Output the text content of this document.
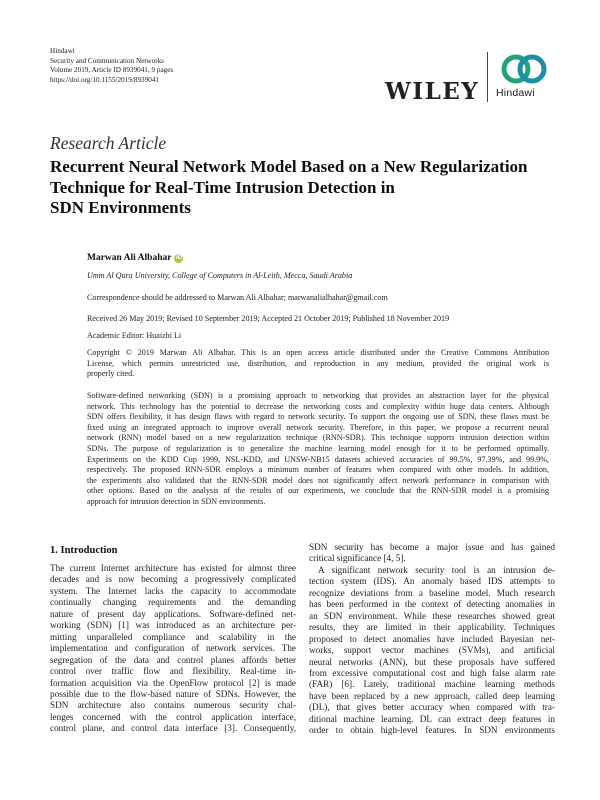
Hindawi
Security and Communication Networks
Volume 2019, Article ID 8939041, 9 pages
https://doi.org/10.1155/2019/8939041	WILEY Hindawi
Research Article
Recurrent Neural Network Model Based on a New Regularization
Technique for Real-Time Intrusion Detection in
SDN Environments
Marwan Ali Albahar iD
Umm Al Qura University, College of Computers in Al-Leith, Mecca, Saudi Arabia
Correspondence should be addressed to Marwan Ali Albahar; marwanalialbahar@gmail.com
Received 26 May 2019; Revised 10 September 2019; Accepted 21 October 2019; Published 18 November 2019
Academic Editor: Huaizhi Li
Copyright © 2019 Marwan Ali Albahar. This is an open access article distributed under the Creative Commons Attribution
License, which permits unrestricted use, distribution, and reproduction in any medium, provided the original work is
properly cited.
Software-defined networking (SDN) is a promising approach to networking that provides an abstraction layer for the physical
network. This technology has the potential to decrease the networking costs and complexity within huge data centers. Although
SDN offers flexibility, it has design flaws with regard to network security. To support the ongoing use of SDN, these flaws must be
fixed using an integrated approach to improve overall network security. Therefore, in this paper, we propose a recurrent neural
network (RNN) model based on a new regularization technique (RNN-SDR). This technique supports intrusion detection within
SDNs. The purpose of regularization is to generalize the machine learning model enough for it to be performed optimally.
Experiments on the KDD Cup 1999, NSL-KDD, and UNSW-NB15 datasets achieved accuracies of 99.5%, 97.39%, and 99.9%,
respectively. The proposed RNN-SDR employs a minimum number of features when compared with other models. In addition,
the experiments also validated that the RNN-SDR model does not significantly affect network performance in comparison with
other options. Based on the analysis of the results of our experiments, we conclude that the RNN-SDR model is a promising
approach for intrusion detection in SDN environments.
1. Introduction
The current Internet architecture has existed for almost three
decades and is now becoming a progressively complicated
system. The Internet lacks the capacity to accommodate
continually changing requirements and the demanding
nature of present day applications. Software-defined net-
working (SDN) [1] was introduced as an architecture per-
mitting unparalleled compliance and scalability in the
implementation and configuration of network services. The
segregation of the data and control planes affords better
control over traffic flow and flexibility. Real-time in-
formation acquisition via the OpenFlow protocol [2] is made
possible due to the flow-based nature of SDNs. However, the
SDN architecture also contains numerous security chal-
lenges concerned with the control application interface,
control plane, and control data interface [3]. Consequently,
SDN security has become a major issue and has gained
critical significance [4, 5].
A significant network security tool is an intrusion de-
tection system (IDS). An anomaly based IDS attempts to
recognize deviations from a baseline model. Much research
has been performed in the context of detecting anomalies in
an SDN environment. While these researches showed great
results, they are limited in their applicability. Techniques
proposed to detect anomalies have included Bayesian net-
works, support vector machines (SVMs), and artificial
neural networks (ANN), but these proposals have suffered
from excessive computational cost and high false alarm rate
(FAR) [6]. Lately, traditional machine learning methods
have been replaced by a new approach, called deep learning
(DL), that gives better accuracy when compared with tra-
ditional machine learning. DL can extract deep features in
order to obtain high-level features. In SDN environments
